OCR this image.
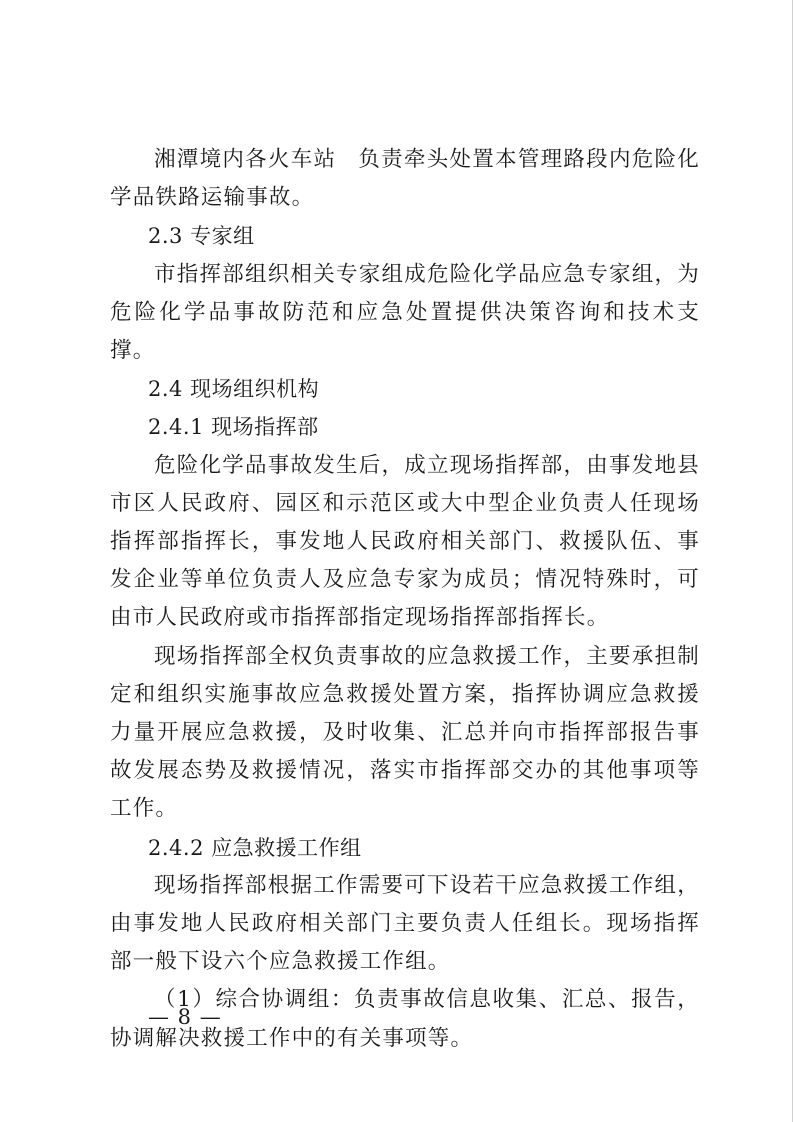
湘潭境内各火车站 负责牵头处置本管理路段内危险化学品铁路运输事故。

2.3 专家组

市指挥部组织相关专家组成危险化学品应急专家组，为危险化学品事故防范和应急处置提供决策咨询和技术支撑。

2.4 现场组织机构

2.4.1 现场指挥部

危险化学品事故发生后，成立现场指挥部，由事发地县市区人民政府、园区和示范区或大中型企业负责人任现场指挥部指挥长，事发地人民政府相关部门、救援队伍、事发企业等单位负责人及应急专家为成员；情况特殊时，可由市人民政府或市指挥部指定现场指挥部指挥长。

现场指挥部全权负责事故的应急救援工作，主要承担制定和组织实施事故应急救援处置方案，指挥协调应急救援力量开展应急救援，及时收集、汇总并向市指挥部报告事故发展态势及救援情况，落实市指挥部交办的其他事项等工作。

2.4.2 应急救援工作组

现场指挥部根据工作需要可下设若干应急救援工作组，由事发地人民政府相关部门主要负责人任组长。现场指挥部一般下设六个应急救援工作组。

（1）综合协调组：负责事故信息收集、汇总、报告，协调解决救援工作中的有关事项等。

— 8 —
